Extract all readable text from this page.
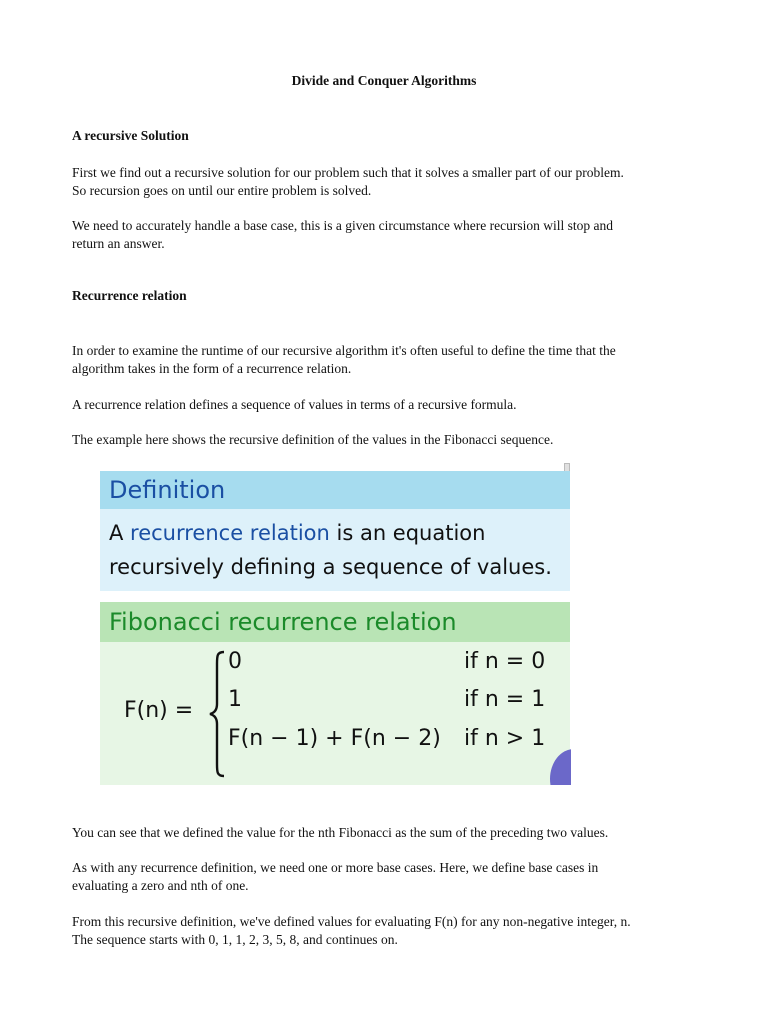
Divide and Conquer Algorithms
A recursive Solution
First we find out a recursive solution for our problem such that it solves a smaller part of our problem.
So recursion goes on until our entire problem is solved.
We need to accurately handle a base case, this is a given circumstance where recursion will stop and
return an answer.
Recurrence relation
In order to examine the runtime of our recursive algorithm it's often useful to define the time that the
algorithm takes in the form of a recurrence relation.
A recurrence relation defines a sequence of values in terms of a recursive formula.
The example here shows the recursive definition of the values in the Fibonacci sequence.
Definition
A recurrence relation is an equation
recursively defining a sequence of values.
Fibonacci recurrence relation
F(n) =
0	if n = 0
1	if n = 1
F(n − 1) + F(n − 2) if n > 1
You can see that we defined the value for the nth Fibonacci as the sum of the preceding two values.
As with any recurrence definition, we need one or more base cases. Here, we define base cases in
evaluating a zero and nth of one.
From this recursive definition, we've defined values for evaluating F(n) for any non-negative integer, n.
The sequence starts with 0, 1, 1, 2, 3, 5, 8, and continues on.
